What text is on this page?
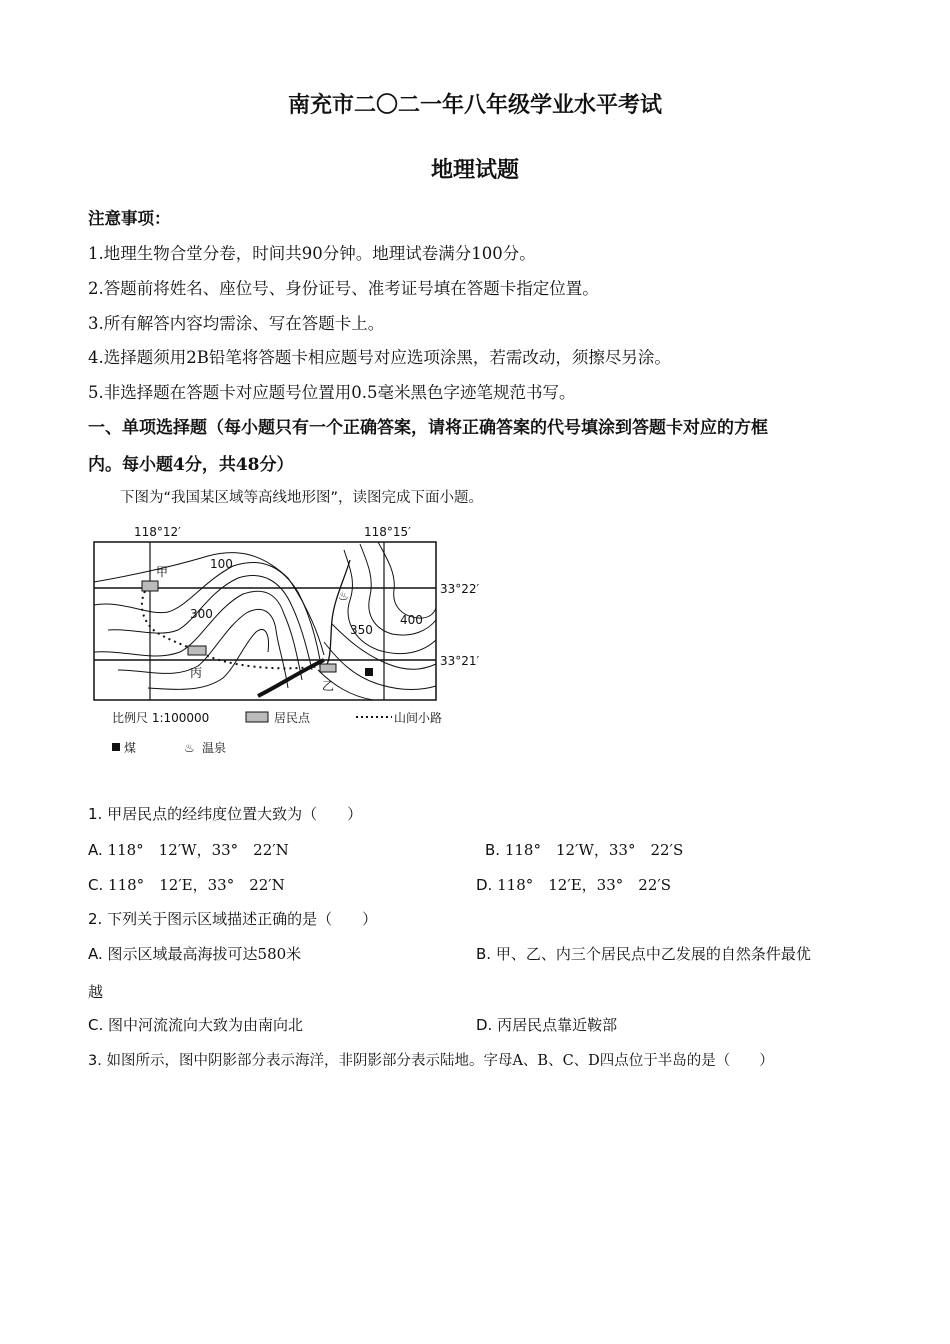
南充市二〇二一年八年级学业水平考试
地理试题
注意事项：
1.地理生物合堂分卷，时间共90分钟。地理试卷满分100分。
2.答题前将姓名、座位号、身份证号、准考证号填在答题卡指定位置。
3.所有解答内容均需涂、写在答题卡上。
4.选择题须用2B铅笔将答题卡相应题号对应选项涂黑，若需改动，须擦尽另涂。
5.非选择题在答题卡对应题号位置用0.5毫米黑色字迹笔规范书写。
一、单项选择题（每小题只有一个正确答案，请将正确答案的代号填涂到答题卡对应的方框
内。每小题4分，共48分）
下图为“我国某区域等高线地形图”，读图完成下面小题。
♨
118°12′	118°15′
33°22′
33°21′
100
300
350
400
甲
乙
丙
比例尺 1:100000	居民点	山间小路
煤	♨ 温泉
1. 甲居民点的经纬度位置大致为（　　）
A. 118°　12′W，33°　22′N	B. 118°　12′W，33°　22′S
C. 118°　12′E，33°　22′N	D. 118°　12′E，33°　22′S
2. 下列关于图示区域描述正确的是（　　）
A. 图示区域最高海拔可达580米	B. 甲、乙、内三个居民点中乙发展的自然条件最优
越
C. 图中河流流向大致为由南向北	D. 丙居民点靠近鞍部
3. 如图所示，图中阴影部分表示海洋，非阴影部分表示陆地。字母A、B、C、D四点位于半岛的是（　　）
